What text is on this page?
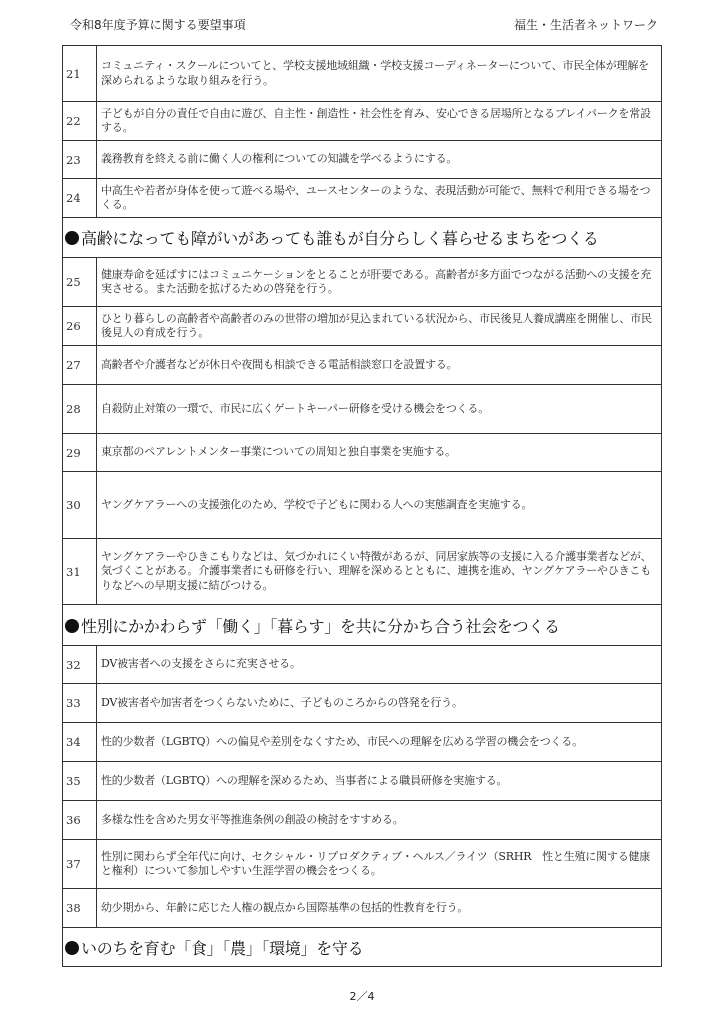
令和8年度予算に関する要望事項	福生・生活者ネットワーク
21	コミュニティ・スクールについてと、学校支援地域組織・学校支援コーディネーターについて、市民全体が理解を深められるような取り組みを行う。
22	子どもが自分の責任で自由に遊び、自主性・創造性・社会性を育み、安心できる居場所となるプレイパークを常設する。
23	義務教育を終える前に働く人の権利についての知識を学べるようにする。
24	中高生や若者が身体を使って遊べる場や、ユースセンターのような、表現活動が可能で、無料で利用できる場をつくる。
高齢になっても障がいがあっても誰もが自分らしく暮らせるまちをつくる	
25	健康寿命を延ばすにはコミュニケーションをとることが肝要である。高齢者が多方面でつながる活動への支援を充実させる。また活動を拡げるための啓発を行う。
26	ひとり暮らしの高齢者や高齢者のみの世帯の増加が見込まれている状況から、市民後見人養成講座を開催し、市民後見人の育成を行う。
27	高齢者や介護者などが休日や夜間も相談できる電話相談窓口を設置する。
28	自殺防止対策の一環で、市民に広くゲートキーパー研修を受ける機会をつくる。
29	東京都のペアレントメンター事業についての周知と独自事業を実施する。
30	ヤングケアラーへの支援強化のため、学校で子どもに関わる人への実態調査を実施する。
31	ヤングケアラーやひきこもりなどは、気づかれにくい特徴があるが、同居家族等の支援に入る介護事業者などが、気づくことがある。介護事業者にも研修を行い、理解を深めるとともに、連携を進め、ヤングケアラーやひきこもりなどへの早期支援に結びつける。
性別にかかわらず「働く」「暮らす」を共に分かち合う社会をつくる	
32	DV被害者への支援をさらに充実させる。
33	DV被害者や加害者をつくらないために、子どものころからの啓発を行う。
34	性的少数者（LGBTQ）への偏見や差別をなくすため、市民への理解を広める学習の機会をつくる。
35	性的少数者（LGBTQ）への理解を深めるため、当事者による職員研修を実施する。
36	多様な性を含めた男女平等推進条例の創設の検討をすすめる。
37	性別に関わらず全年代に向け、セクシャル・リプロダクティブ・ヘルス／ライツ（SRHR　性と生殖に関する健康と権利）について参加しやすい生涯学習の機会をつくる。
38	幼少期から、年齢に応じた人権の観点から国際基準の包括的性教育を行う。
いのちを育む「食」「農」「環境」を守る	
2／4
